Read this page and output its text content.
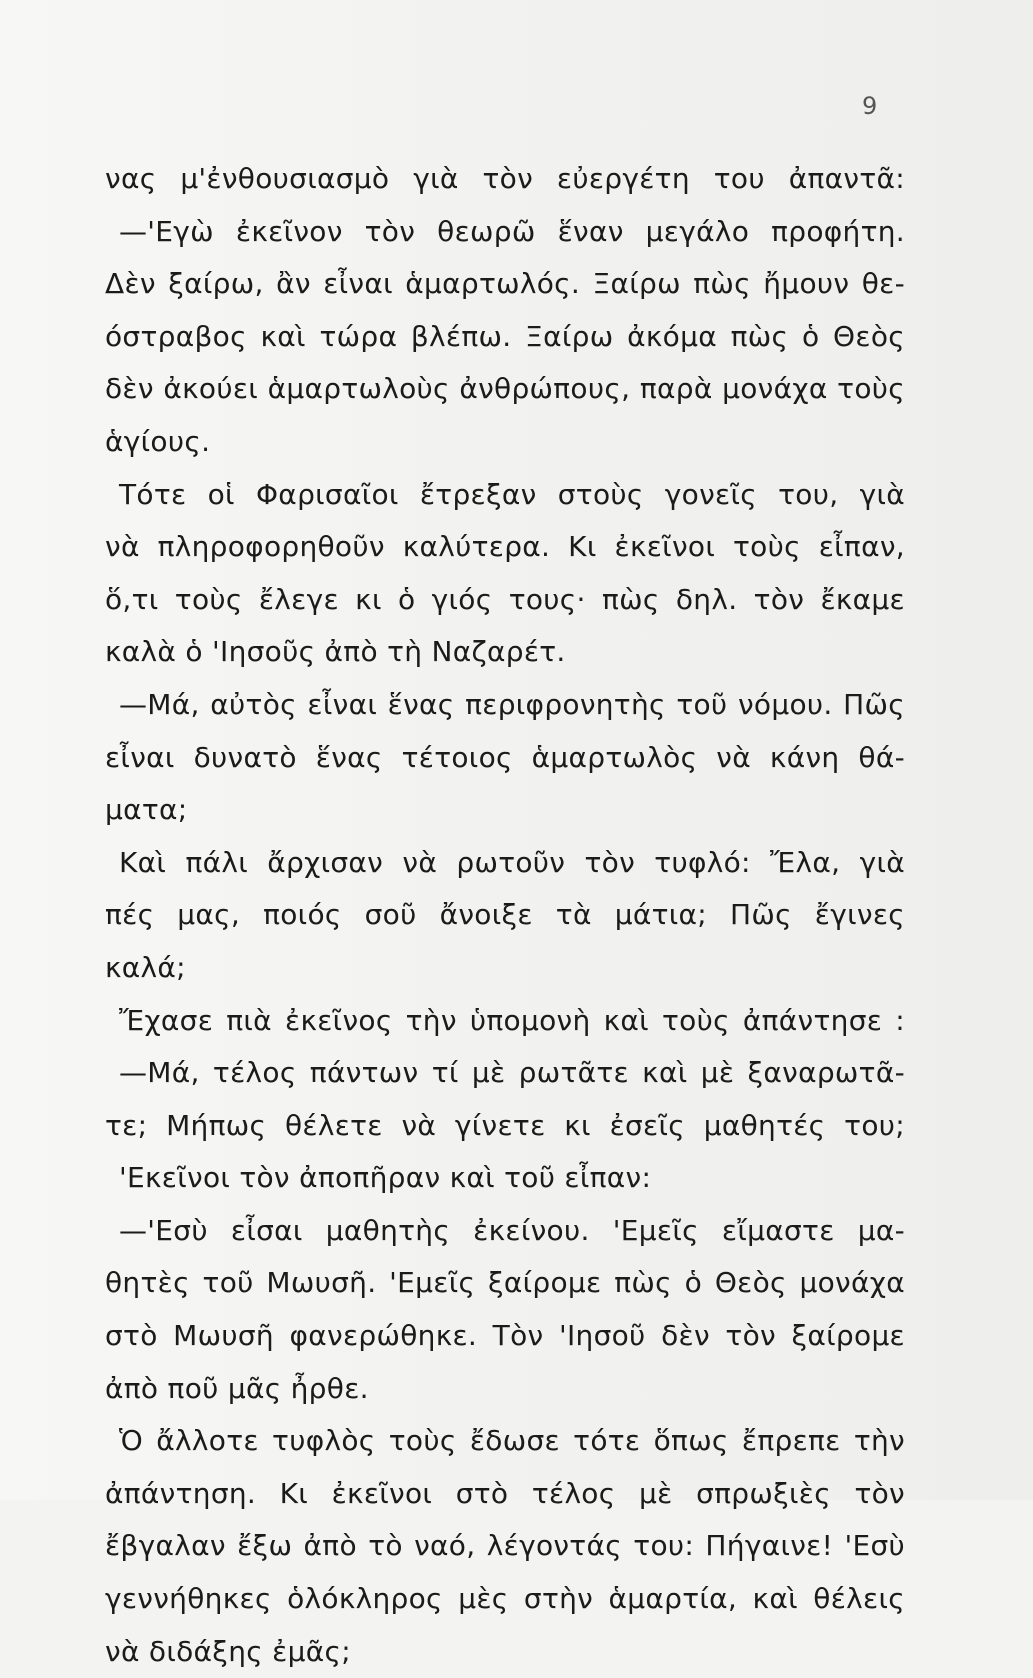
9
νας μ'ἐνθουσιασμὸ γιὰ τὸν εὐεργέτη του ἀπαντᾶ:
—'Εγὼ ἐκεῖνον τὸν θεωρῶ ἕναν μεγάλο προφήτη.
Δὲν ξαίρω, ἂν εἶναι ἁμαρτωλός. Ξαίρω πὼς ἤμουν θε-
όστραβος καὶ τώρα βλέπω. Ξαίρω ἀκόμα πὼς ὁ Θεὸς
δὲν ἀκούει ἁμαρτωλοὺς ἀνθρώπους, παρὰ μονάχα τοὺς
ἁγίους.
Τότε οἱ Φαρισαῖοι ἔτρεξαν στοὺς γονεῖς του, γιὰ
νὰ πληροφορηθοῦν καλύτερα. Κι ἐκεῖνοι τοὺς εἶπαν,
ὅ,τι τοὺς ἔλεγε κι ὁ γιός τους· πὼς δηλ. τὸν ἔκαμε
καλὰ ὁ 'Ιησοῦς ἀπὸ τὴ Ναζαρέτ.
—Μά, αὐτὸς εἶναι ἕνας περιφρονητὴς τοῦ νόμου. Πῶς
εἶναι δυνατὸ ἕνας τέτοιος ἁμαρτωλὸς νὰ κάνη θά-
ματα;
Καὶ πάλι ἄρχισαν νὰ ρωτοῦν τὸν τυφλό: Ἔλα, γιὰ
πές μας, ποιός σοῦ ἄνοιξε τὰ μάτια; Πῶς ἔγινες
καλά;
Ἔχασε πιὰ ἐκεῖνος τὴν ὑπομονὴ καὶ τοὺς ἀπάντησε :
—Μά, τέλος πάντων τί μὲ ρωτᾶτε καὶ μὲ ξαναρωτᾶ-
τε; Μήπως θέλετε νὰ γίνετε κι ἐσεῖς μαθητές του;
'Εκεῖνοι τὸν ἀποπῆραν καὶ τοῦ εἶπαν:
—'Εσὺ εἶσαι μαθητὴς ἐκείνου. 'Εμεῖς εἴμαστε μα-
θητὲς τοῦ Μωυσῆ. 'Εμεῖς ξαίρομε πὼς ὁ Θεὸς μονάχα
στὸ Μωυσῆ φανερώθηκε. Τὸν 'Ιησοῦ δὲν τὸν ξαίρομε
ἀπὸ ποῦ μᾶς ἦρθε.
Ὁ ἄλλοτε τυφλὸς τοὺς ἔδωσε τότε ὅπως ἔπρεπε τὴν
ἀπάντηση. Κι ἐκεῖνοι στὸ τέλος μὲ σπρωξιὲς τὸν
ἔβγαλαν ἔξω ἀπὸ τὸ ναό, λέγοντάς του: Πήγαινε! 'Εσὺ
γεννήθηκες ὁλόκληρος μὲς στὴν ἁμαρτία, καὶ θέλεις
νὰ διδάξης ἐμᾶς;
